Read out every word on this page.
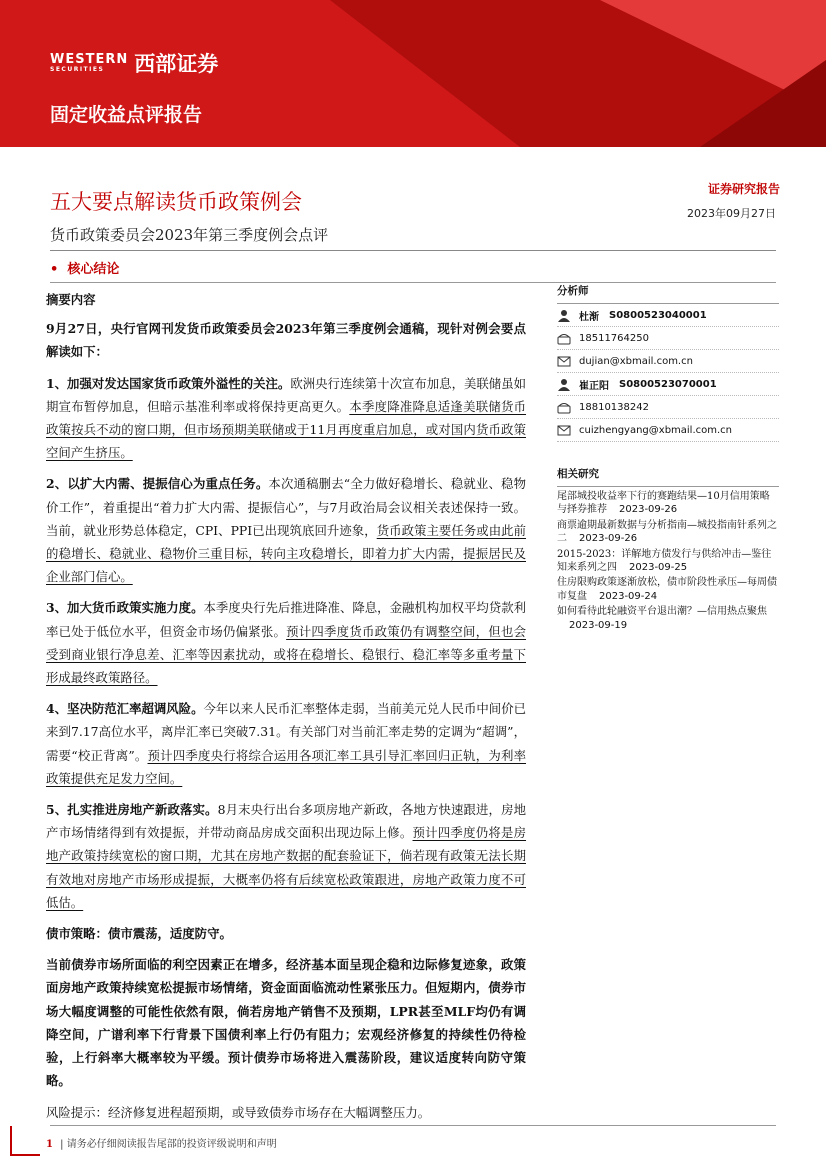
WESTERN
SECURITIES	西部证券
固定收益点评报告
五大要点解读货币政策例会
货币政策委员会2023年第三季度例会点评
证券研究报告
2023年09月27日
• 核心结论

摘要内容

9月27日，央行官网刊发货币政策委员会2023年第三季度例会通稿，现针对例会要点解读如下：

1、加强对发达国家货币政策外溢性的关注。欧洲央行连续第十次宣布加息，美联储虽如期宣布暂停加息，但暗示基准利率或将保持更高更久。本季度降准降息适逢美联储货币政策按兵不动的窗口期，但市场预期美联储或于11月再度重启加息，或对国内货币政策空间产生挤压。

2、以扩大内需、提振信心为重点任务。本次通稿删去“全力做好稳增长、稳就业、稳物价工作”，着重提出“着力扩大内需、提振信心”，与7月政治局会议相关表述保持一致。当前，就业形势总体稳定，CPI、PPI已出现筑底回升迹象，货币政策主要任务或由此前的稳增长、稳就业、稳物价三重目标，转向主攻稳增长，即着力扩大内需，提振居民及企业部门信心。

3、加大货币政策实施力度。本季度央行先后推进降准、降息，金融机构加权平均贷款利率已处于低位水平，但资金市场仍偏紧张。预计四季度货币政策仍有调整空间，但也会受到商业银行净息差、汇率等因素扰动，或将在稳增长、稳银行、稳汇率等多重考量下形成最终政策路径。

4、坚决防范汇率超调风险。今年以来人民币汇率整体走弱，当前美元兑人民币中间价已来到7.17高位水平，离岸汇率已突破7.31。有关部门对当前汇率走势的定调为“超调”，需要“校正背离”。预计四季度央行将综合运用各项汇率工具引导汇率回归正轨，为利率政策提供充足发力空间。

5、扎实推进房地产新政落实。8月末央行出台多项房地产新政，各地方快速跟进，房地产市场情绪得到有效提振，并带动商品房成交面积出现边际上修。预计四季度仍将是房地产政策持续宽松的窗口期，尤其在房地产数据的配套验证下，倘若现有政策无法长期有效地对房地产市场形成提振，大概率仍将有后续宽松政策跟进，房地产政策力度不可低估。

债市策略：债市震荡，适度防守。

当前债券市场所面临的利空因素正在增多，经济基本面呈现企稳和边际修复迹象，政策面房地产政策持续宽松提振市场情绪，资金面面临流动性紧张压力。但短期内，债券市场大幅度调整的可能性依然有限，倘若房地产销售不及预期，LPR甚至MLF均仍有调降空间，广谱利率下行背景下国债利率上行仍有阻力；宏观经济修复的持续性仍待检验，上行斜率大概率较为平缓。预计债券市场将进入震荡阶段，建议适度转向防守策略。

风险提示：经济修复进程超预期，或导致债券市场存在大幅调整压力。

分析师
杜渐 S0800523040001
18511764250
dujian@xbmail.com.cn
崔正阳 S0800523070001
18810138242
cuizhengyang@xbmail.com.cn
相关研究
尾部城投收益率下行的赛跑结果—10月信用策略与择券推荐 2023-09-26
商票逾期最新数据与分析指南—城投指南针系列之二 2023-09-26
2015-2023：详解地方债发行与供给冲击—鉴往知来系列之四 2023-09-25
住房限购政策逐渐放松，债市阶段性承压—每周债市复盘 2023-09-24
如何看待此轮融资平台退出潮？—信用热点聚焦2023-09-19
1 | 请务必仔细阅读报告尾部的投资评级说明和声明
